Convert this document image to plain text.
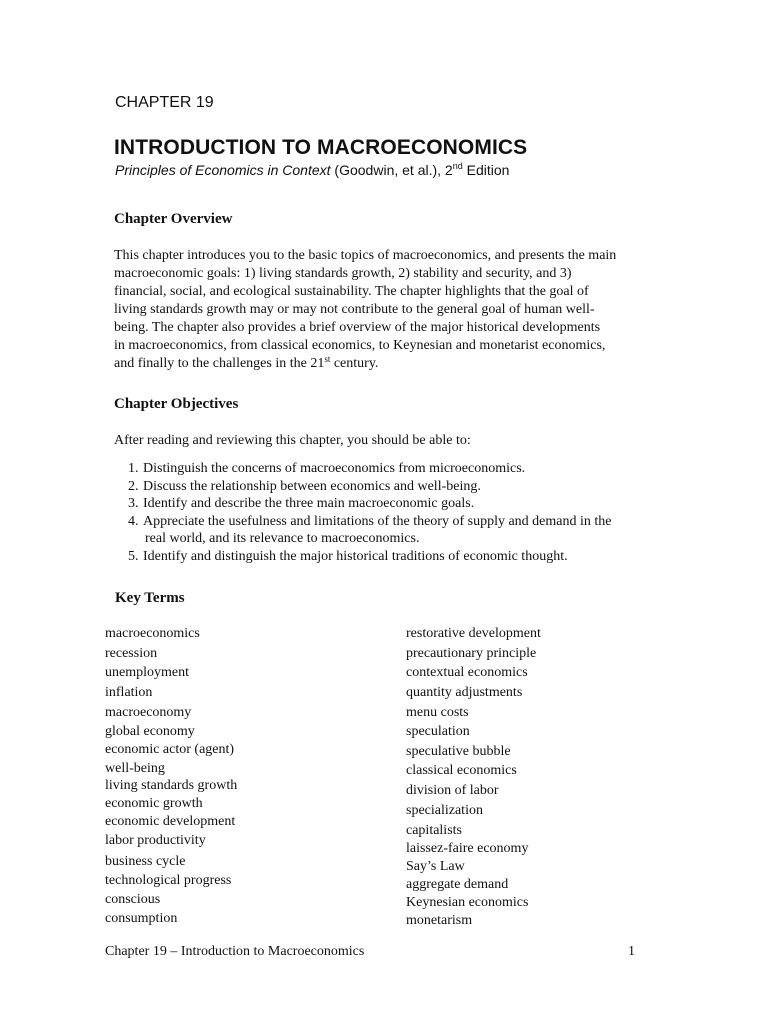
CHAPTER 19

INTRODUCTION TO MACROECONOMICS

Principles of Economics in Context (Goodwin, et al.), 2nd Edition

Chapter Overview
This chapter introduces you to the basic topics of macroeconomics, and presents the main
macroeconomic goals: 1) living standards growth, 2) stability and security, and 3)
financial, social, and ecological sustainability. The chapter highlights that the goal of
living standards growth may or may not contribute to the general goal of human well-
being. The chapter also provides a brief overview of the major historical developments
in macroeconomics, from classical economics, to Keynesian and monetarist economics,
and finally to the challenges in the 21st century.
Chapter Objectives

After reading and reviewing this chapter, you should be able to:

1. Distinguish the concerns of macroeconomics from microeconomics.
2. Discuss the relationship between economics and well-being.
3. Identify and describe the three main macroeconomic goals.
4. Appreciate the usefulness and limitations of the theory of supply and demand in the
real world, and its relevance to macroeconomics.
5. Identify and distinguish the major historical traditions of economic thought.
Key Terms
macroeconomics
recession
unemployment
inflation
macroeconomy
global economy
economic actor (agent)
well-being
living standards growth
economic growth
economic development
labor productivity
business cycle
technological progress
conscious
consumption
restorative development
precautionary principle
contextual economics
quantity adjustments
menu costs
speculation
speculative bubble
classical economics
division of labor
specialization
capitalists
laissez-faire economy
Say’s Law
aggregate demand
Keynesian economics
monetarism

Chapter 19 – Introduction to Macroeconomics	1
